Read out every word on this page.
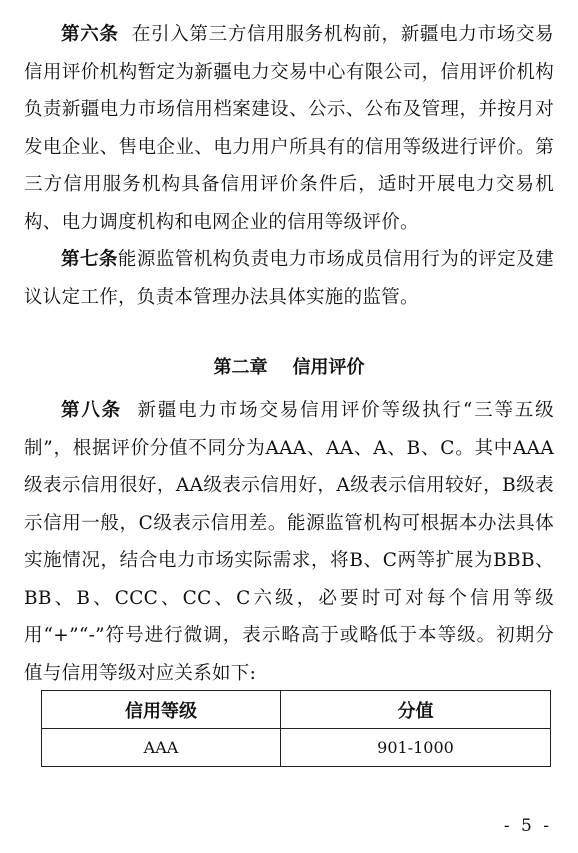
第六条 在引入第三方信用服务机构前，新疆电力市场交易信用评价机构暂定为新疆电力交易中心有限公司，信用评价机构负责新疆电力市场信用档案建设、公示、公布及管理，并按月对发电企业、售电企业、电力用户所具有的信用等级进行评价。第三方信用服务机构具备信用评价条件后，适时开展电力交易机构、电力调度机构和电网企业的信用等级评价。

第七条能源监管机构负责电力市场成员信用行为的评定及建议认定工作，负责本管理办法具体实施的监管。

第二章 信用评价

第八条 新疆电力市场交易信用评价等级执行“三等五级制”，根据评价分值不同分为AAA、AA、A、B、C。其中AAA级表示信用很好，AA级表示信用好，A级表示信用较好，B级表示信用一般，C级表示信用差。能源监管机构可根据本办法具体实施情况，结合电力市场实际需求，将B、C两等扩展为BBB、BB、B、CCC、CC、C六级，必要时可对每个信用等级用“+”“-”符号进行微调，表示略高于或略低于本等级。初期分值与信用等级对应关系如下:

信用等级	分值
AAA	901-1000
- 5 -
